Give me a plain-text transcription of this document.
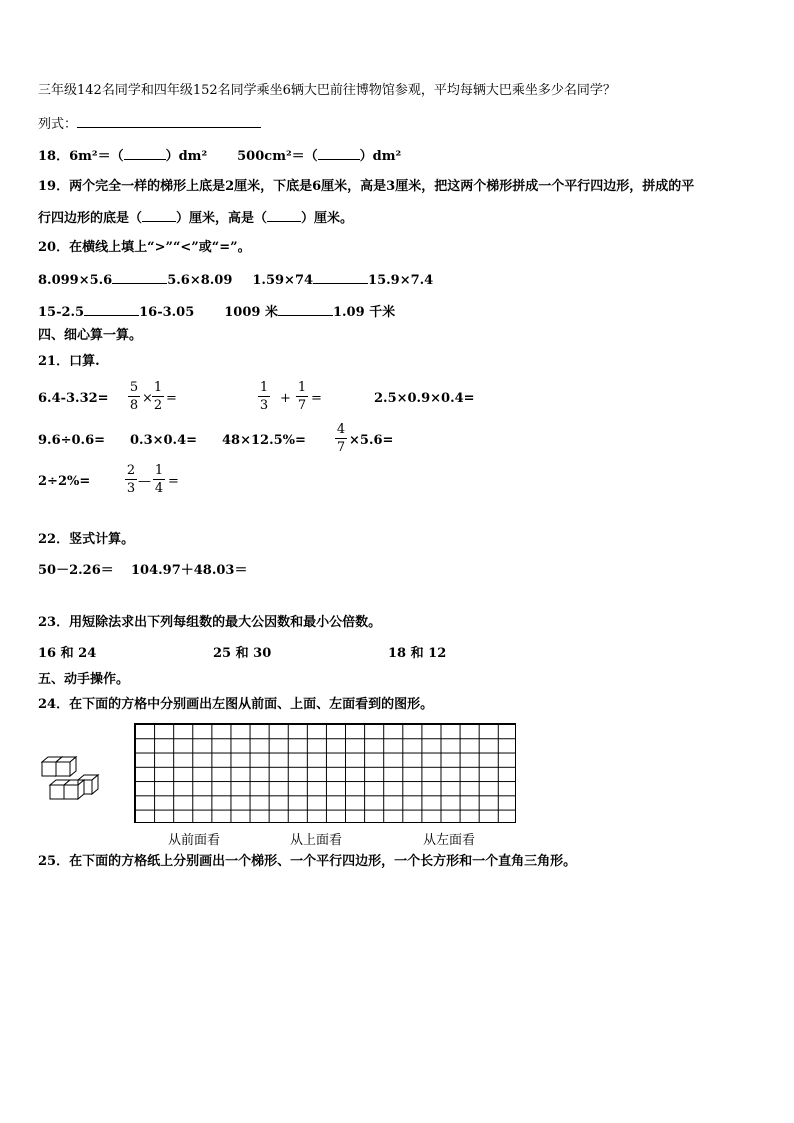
三年级142名同学和四年级152名同学乘坐6辆大巴前往博物馆参观，平均每辆大巴乘坐多少名同学？
列式：
18．6m²＝（	）dm² 500cm²＝（	）dm²
19．两个完全一样的梯形上底是2厘米，下底是6厘米，高是3厘米，把这两个梯形拼成一个平行四边形，拼成的平
行四边形的底是（	）厘米，高是（	）厘米。
20．在横线上填上“>”“<”或“=”。
8.099×5.6	5.6×8.09 1.59×74	15.9×7.4
15-2.5	16-3.05 1009 米	1.09 千米
四、细心算一算。
21．口算.
6.4-3.32=
5
8 ×
1
2 =
1
3 +
1
7 =	2.5×0.9×0.4=
9.6÷0.6= 0.3×0.4= 48×12.5%=
4
7 ×5.6=
2÷2%=
2
3 —
1
4 =
22．竖式计算。
50－2.26＝ 104.97＋48.03＝
23．用短除法求出下列每组数的最大公因数和最小公倍数。
16 和 24	25 和 30	18 和 12
五、动手操作。
24．在下面的方格中分别画出左图从前面、上面、左面看到的图形。
从前面看	从上面看	从左面看
25．在下面的方格纸上分别画出一个梯形、一个平行四边形，一个长方形和一个直角三角形。
